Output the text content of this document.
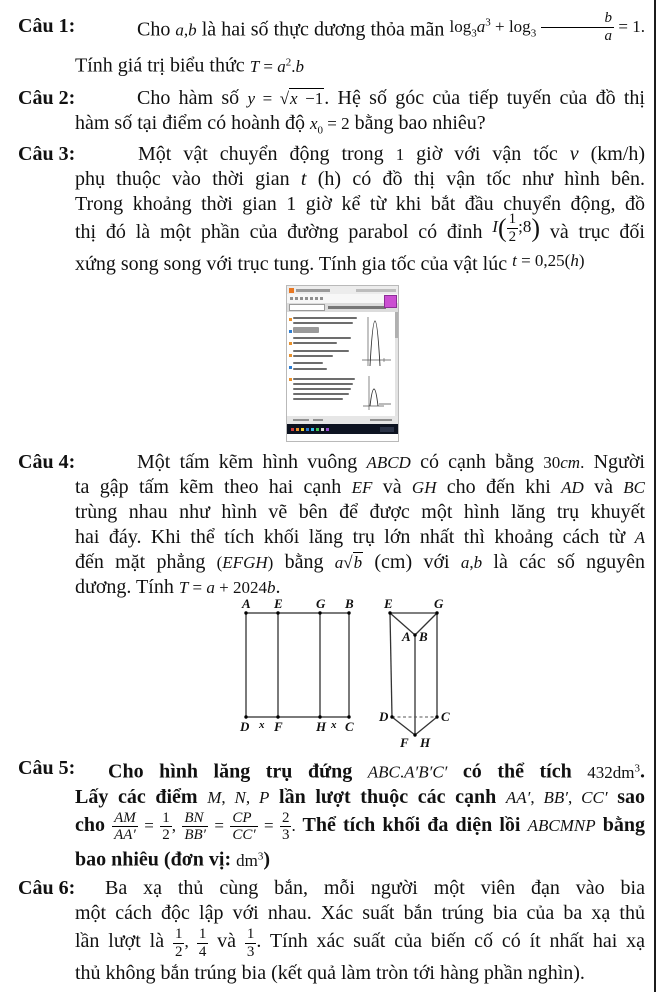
Câu 1:	Cho a,b là hai số thực dương thỏa mãn $^{log_3a^3 + log_3 \frac{b}{a} = 1.}$
Tính giá trị biểu thức $T = a^2.b$
Câu 2:	Cho hàm số y = √x −1. Hệ số góc của tiếp tuyến của đồ thị
hàm số tại điểm có hoành độ $x_0 = 2$ bằng bao nhiêu?
Câu 3:	Một vật chuyển động trong 1 giờ với vận tốc v (km/h)
phụ thuộc vào thời gian t (h) có đồ thị vận tốc như hình bên.
Trong khoảng thời gian 1 giờ kể từ khi bắt đầu chuyển động, đồ
thị đó là một phần của đường parabol có đỉnh $^{I( \frac{1}{2} ;8)}$ và trục đối
xứng song song với trục tung. Tính gia tốc của vật lúc $^{t = 0,25(h)}$
Câu 4:	Một tấm kẽm hình vuông ABCD có cạnh bằng 30cm. Người
ta gập tấm kẽm theo hai cạnh EF và GH cho đến khi AD và BC
trùng nhau như hình vẽ bên để được một hình lăng trụ khuyết
hai đáy. Khi thể tích khối lăng trụ lớn nhất thì khoảng cách từ A
đến mặt phẳng (EFGH) bằng a√b (cm) với a,b là các số nguyên
dương. Tính T = a + 2024b.
A E	G B
D F	H C
x	x
E	G
A B
D	C
F H
Câu 5:	Cho hình lăng trụ đứng ABC.A′B′C′ có thể tích $432dm^3$.
Lấy các điểm M, N, P lần lượt thuộc các cạnh AA′, BB′, CC′ sao
cho $\frac{AM}{AA'} = \frac{1}{2}$ , $\frac{BN}{BB'} = \frac{CP}{CC'} = \frac{2}{3}$ . Thể tích khối đa diện lồi ABCMNP bằng
bao nhiêu (đơn vị: $dm^3$)
Câu 6:	Ba xạ thủ cùng bắn, mỗi người một viên đạn vào bia
một cách độc lập với nhau. Xác suất bắn trúng bia của ba xạ thủ
lần lượt là $\frac{1}{2}$ , $\frac{1}{4}$ và $\frac{1}{3}$ . Tính xác suất của biến cố có ít nhất hai xạ
thủ không bắn trúng bia (kết quả làm tròn tới hàng phần nghìn).
